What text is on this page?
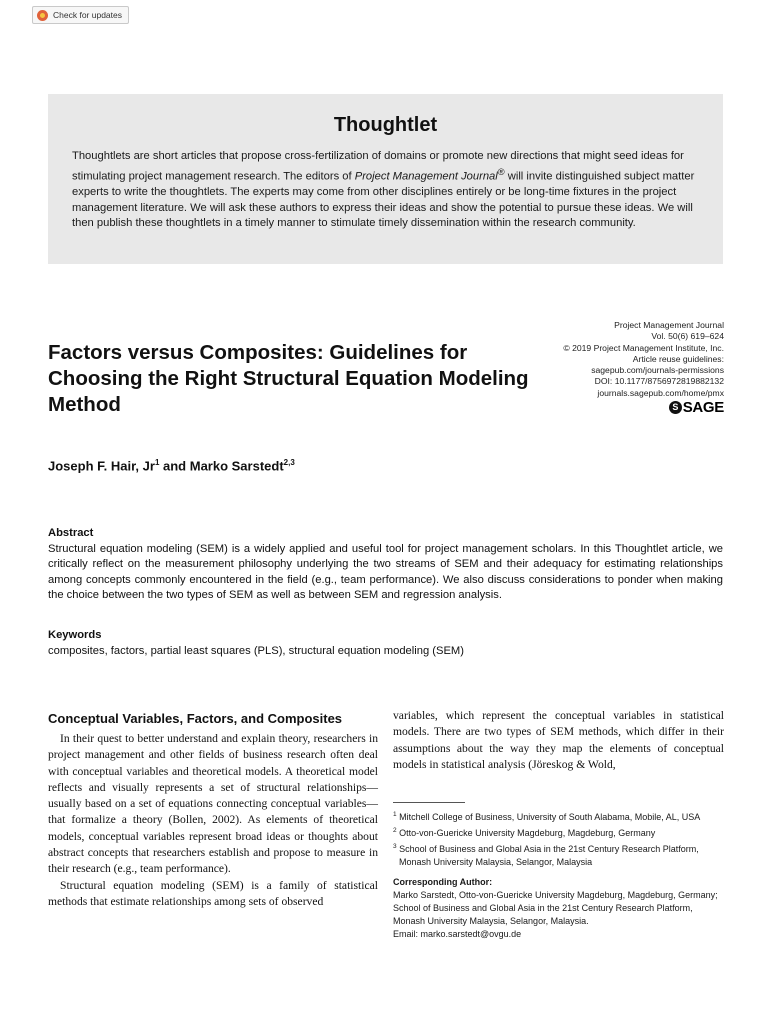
Check for updates
Thoughtlet

Thoughtlets are short articles that propose cross-fertilization of domains or promote new directions that might seed ideas for stimulating project management research. The editors of Project Management Journal® will invite distinguished subject matter experts to write the thoughtlets. The experts may come from other disciplines entirely or be long-time fixtures in the project management literature. We will ask these authors to express their ideas and show the potential to pursue these ideas. We will then publish these thoughtlets in a timely manner to stimulate timely dissemination within the research community.

Project Management Journal
Vol. 50(6) 619–624
© 2019 Project Management Institute, Inc.
Article reuse guidelines:
sagepub.com/journals-permissions
DOI: 10.1177/8756972819882132
journals.sagepub.com/home/pmx
S SAGE
Factors versus Composites: Guidelines for Choosing the Right Structural Equation Modeling Method
Joseph F. Hair, Jr$^1$ and Marko Sarstedt$^{2,3}$
Abstract

Structural equation modeling (SEM) is a widely applied and useful tool for project management scholars. In this Thoughtlet article, we critically reflect on the measurement philosophy underlying the two streams of SEM and their adequacy for estimating relationships among concepts commonly encountered in the field (e.g., team performance). We also discuss considerations to ponder when making the choice between the two types of SEM as well as between SEM and regression analysis.

Keywords

composites, factors, partial least squares (PLS), structural equation modeling (SEM)

Conceptual Variables, Factors, and Composites

In their quest to better understand and explain theory, researchers in project management and other fields of business research often deal with conceptual variables and theoretical models. A theoretical model reflects and visually represents a set of structural relationships—usually based on a set of equations connecting conceptual variables—that formalize a theory (Bollen, 2002). As elements of theoretical models, conceptual variables represent broad ideas or thoughts about abstract concepts that researchers establish and propose to measure in their research (e.g., team performance).

Structural equation modeling (SEM) is a family of statistical methods that estimate relationships among sets of observed

variables, which represent the conceptual variables in statistical models. There are two types of SEM methods, which differ in their assumptions about the way they map the elements of conceptual models in statistical analysis (Jöreskog & Wold,

$^1$ Mitchell College of Business, University of South Alabama, Mobile, AL, USA
$^2$ Otto-von-Guericke University Magdeburg, Magdeburg, Germany
$^3$ School of Business and Global Asia in the 21st Century Research Platform, Monash University Malaysia, Selangor, Malaysia
Corresponding Author:

Marko Sarstedt, Otto-von-Guericke University Magdeburg, Magdeburg, Germany; School of Business and Global Asia in the 21st Century Research Platform, Monash University Malaysia, Selangor, Malaysia.

Email: marko.sarstedt@ovgu.de
